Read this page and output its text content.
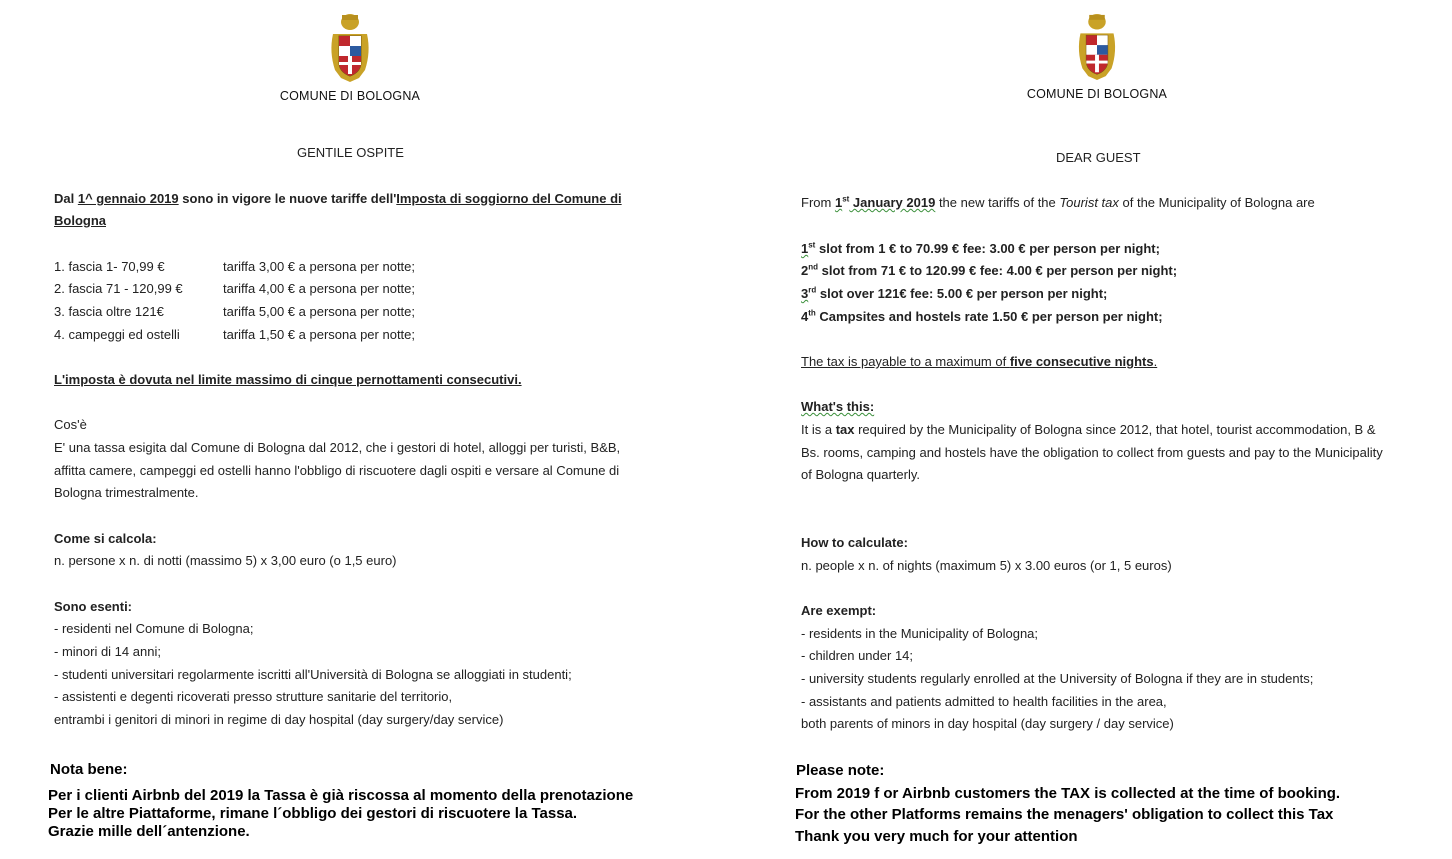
COMUNE DI BOLOGNA
GENTILE OSPITE
Dal 1^ gennaio 2019 sono in vigore le nuove tariffe dell'Imposta di soggiorno del Comune di
Bologna
1. fascia 1- 70,99 €	tariffa 3,00 € a persona per notte;
2. fascia 71 - 120,99 €	tariffa 4,00 € a persona per notte;
3. fascia oltre 121€	tariffa 5,00 € a persona per notte;
4. campeggi ed ostelli	tariffa 1,50 € a persona per notte;
L'imposta è dovuta nel limite massimo di cinque pernottamenti consecutivi.
Cos'è
E' una tassa esigita dal Comune di Bologna dal 2012, che i gestori di hotel, alloggi per turisti, B&B,
affitta camere, campeggi ed ostelli hanno l'obbligo di riscuotere dagli ospiti e versare al Comune di
Bologna trimestralmente.
Come si calcola:
n. persone x n. di notti (massimo 5) x 3,00 euro (o 1,5 euro)
Sono esenti:
- residenti nel Comune di Bologna;
- minori di 14 anni;
- studenti universitari regolarmente iscritti all'Università di Bologna se alloggiati in studenti;
- assistenti e degenti ricoverati presso strutture sanitarie del territorio,
entrambi i genitori di minori in regime di day hospital (day surgery/day service)
Nota bene:
Per i clienti Airbnb del 2019 la Tassa è già riscossa al momento della prenotazione
Per le altre Piattaforme, rimane l´obbligo dei gestori di riscuotere la Tassa.
Grazie mille dell´antenzione.
COMUNE DI BOLOGNA
DEAR GUEST
From 1st January 2019 the new tariffs of the Tourist tax of the Municipality of Bologna are
1st slot from 1 € to 70.99 € fee: 3.00 € per person per night;
2nd slot from 71 € to 120.99 € fee: 4.00 € per person per night;
3rd slot over 121€ fee: 5.00 € per person per night;
4th Campsites and hostels rate 1.50 € per person per night;
The tax is payable to a maximum of five consecutive nights.
What's this:
It is a tax required by the Municipality of Bologna since 2012, that hotel, tourist accommodation, B &
Bs. rooms, camping and hostels have the obligation to collect from guests and pay to the Municipality
of Bologna quarterly.
How to calculate:
n. people x n. of nights (maximum 5) x 3.00 euros (or 1, 5 euros)
Are exempt:
- residents in the Municipality of Bologna;
- children under 14;
- university students regularly enrolled at the University of Bologna if they are in students;
- assistants and patients admitted to health facilities in the area,
both parents of minors in day hospital (day surgery / day service)
Please note:
From 2019 f or Airbnb customers the TAX is collected at the time of booking.
For the other Platforms remains the menagers' obligation to collect this Tax
Thank you very much for your attention
